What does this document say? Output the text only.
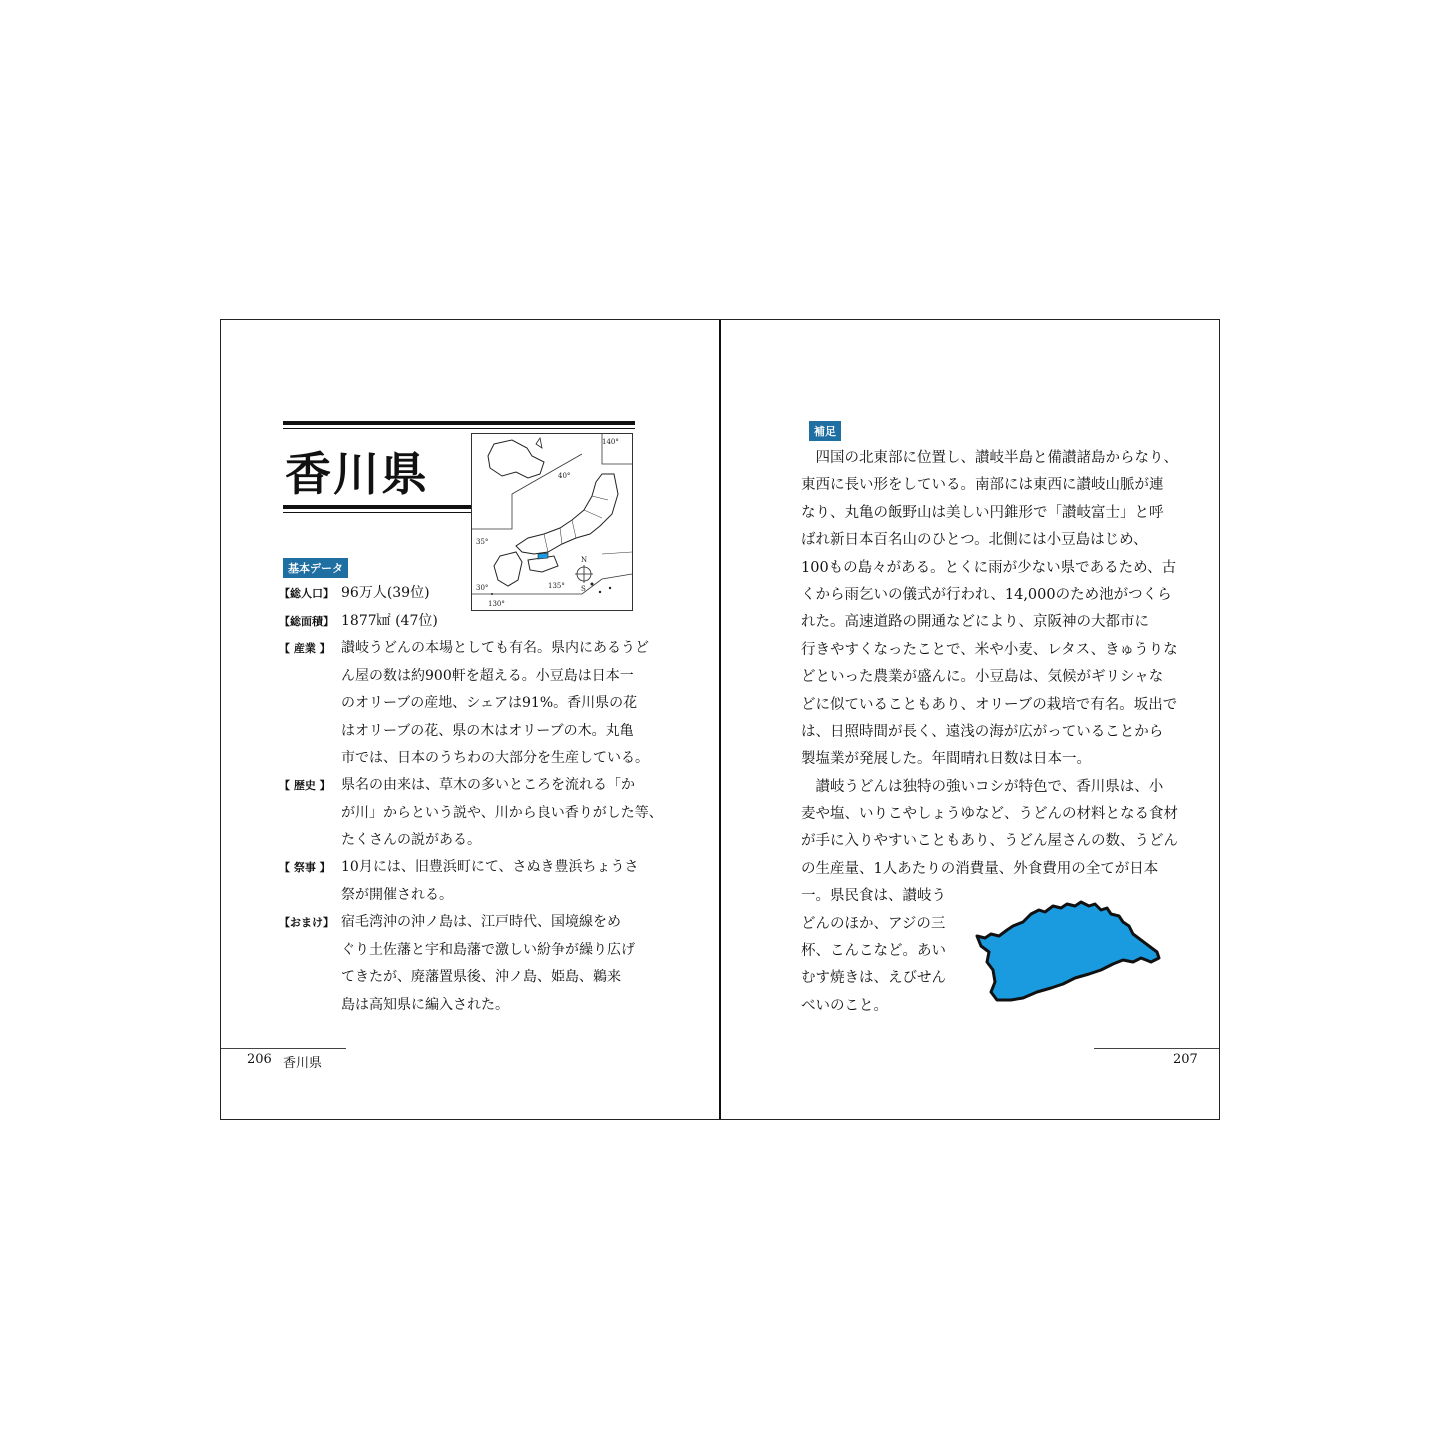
香川県
N
S
140°
40°
35°
30°
130°
135°
基本データ
【総人口】 96万人(39位)
【総面積】 1877㎢ (47位)
【 産業 】 讃岐うどんの本場としても有名。県内にあるうど
ん屋の数は約900軒を超える。小豆島は日本一
のオリーブの産地、シェアは91%。香川県の花
はオリーブの花、県の木はオリーブの木。丸亀
市では、日本のうちわの大部分を生産している。
【 歴史 】 県名の由来は、草木の多いところを流れる「か
が川」からという説や、川から良い香りがした等、
たくさんの説がある。
【 祭事 】 10月には、旧豊浜町にて、さぬき豊浜ちょうさ
祭が開催される。
【おまけ】 宿毛湾沖の沖ノ島は、江戸時代、国境線をめ
ぐり土佐藩と宇和島藩で激しい紛争が繰り広げ
てきたが、廃藩置県後、沖ノ島、姫島、鵜来
島は高知県に編入された。
206 香川県	207
補足
　四国の北東部に位置し、讃岐半島と備讃諸島からなり、
東西に長い形をしている。南部には東西に讃岐山脈が連
なり、丸亀の飯野山は美しい円錐形で「讃岐富士」と呼
ばれ新日本百名山のひとつ。北側には小豆島はじめ、
100もの島々がある。とくに雨が少ない県であるため、古
くから雨乞いの儀式が行われ、14,000のため池がつくら
れた。高速道路の開通などにより、京阪神の大都市に
行きやすくなったことで、米や小麦、レタス、きゅうりな
どといった農業が盛んに。小豆島は、気候がギリシャな
どに似ていることもあり、オリーブの栽培で有名。坂出で
は、日照時間が長く、遠浅の海が広がっていることから
製塩業が発展した。年間晴れ日数は日本一。
　讃岐うどんは独特の強いコシが特色で、香川県は、小
麦や塩、いりこやしょうゆなど、うどんの材料となる食材
が手に入りやすいこともあり、うどん屋さんの数、うどん
の生産量、1人あたりの消費量、外食費用の全てが日本
一。県民食は、讃岐う
どんのほか、アジの三
杯、こんこなど。あい
むす焼きは、えびせん
べいのこと。
